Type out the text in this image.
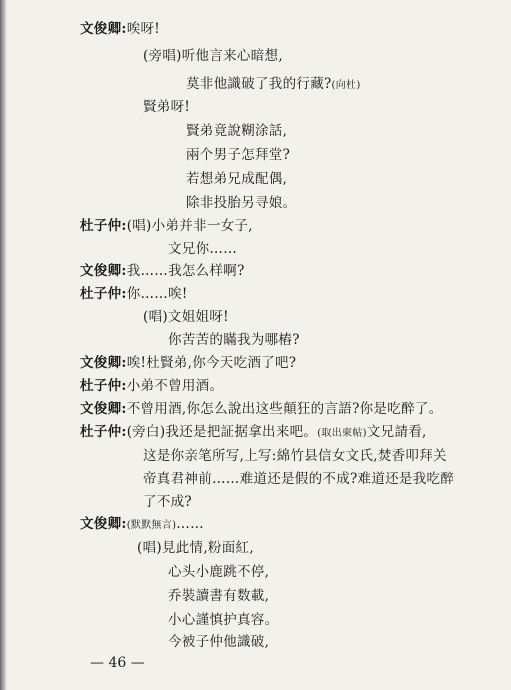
文俊卿:唉呀!
(旁唱)听他言来心暗想,
莫非他識破了我的行藏?(向杜)
賢弟呀!
賢弟竟說糊涂話,
兩个男子怎拜堂?
若想弟兄成配偶,
除非投胎另寻娘。
杜子仲:(唱)小弟并非一女子,
文兄你……
文俊卿:我……我怎么样啊?
杜子仲:你……唉!
(唱)文姐姐呀!
你苦苦的瞞我为哪樁?
文俊卿:唉!杜賢弟,你今天吃酒了吧?
杜子仲:小弟不曾用酒。
文俊卿:不曾用酒,你怎么說出这些顛狂的言語?你是吃醉了。
杜子仲:(旁白)我还是把証据拿出来吧。(取出柬帖)文兄請看,
这是你亲笔所写,上写:綿竹县信女文氏,焚香叩拜关
帝真君神前……难道还是假的不成?难道还是我吃醉
了不成?
文俊卿:(默默無言)……
(唱)見此情,粉面紅,
心头小鹿跳不停,
乔裝讀書有数載,
小心謹慎护真容。
今被子仲他識破,
— 46 —
